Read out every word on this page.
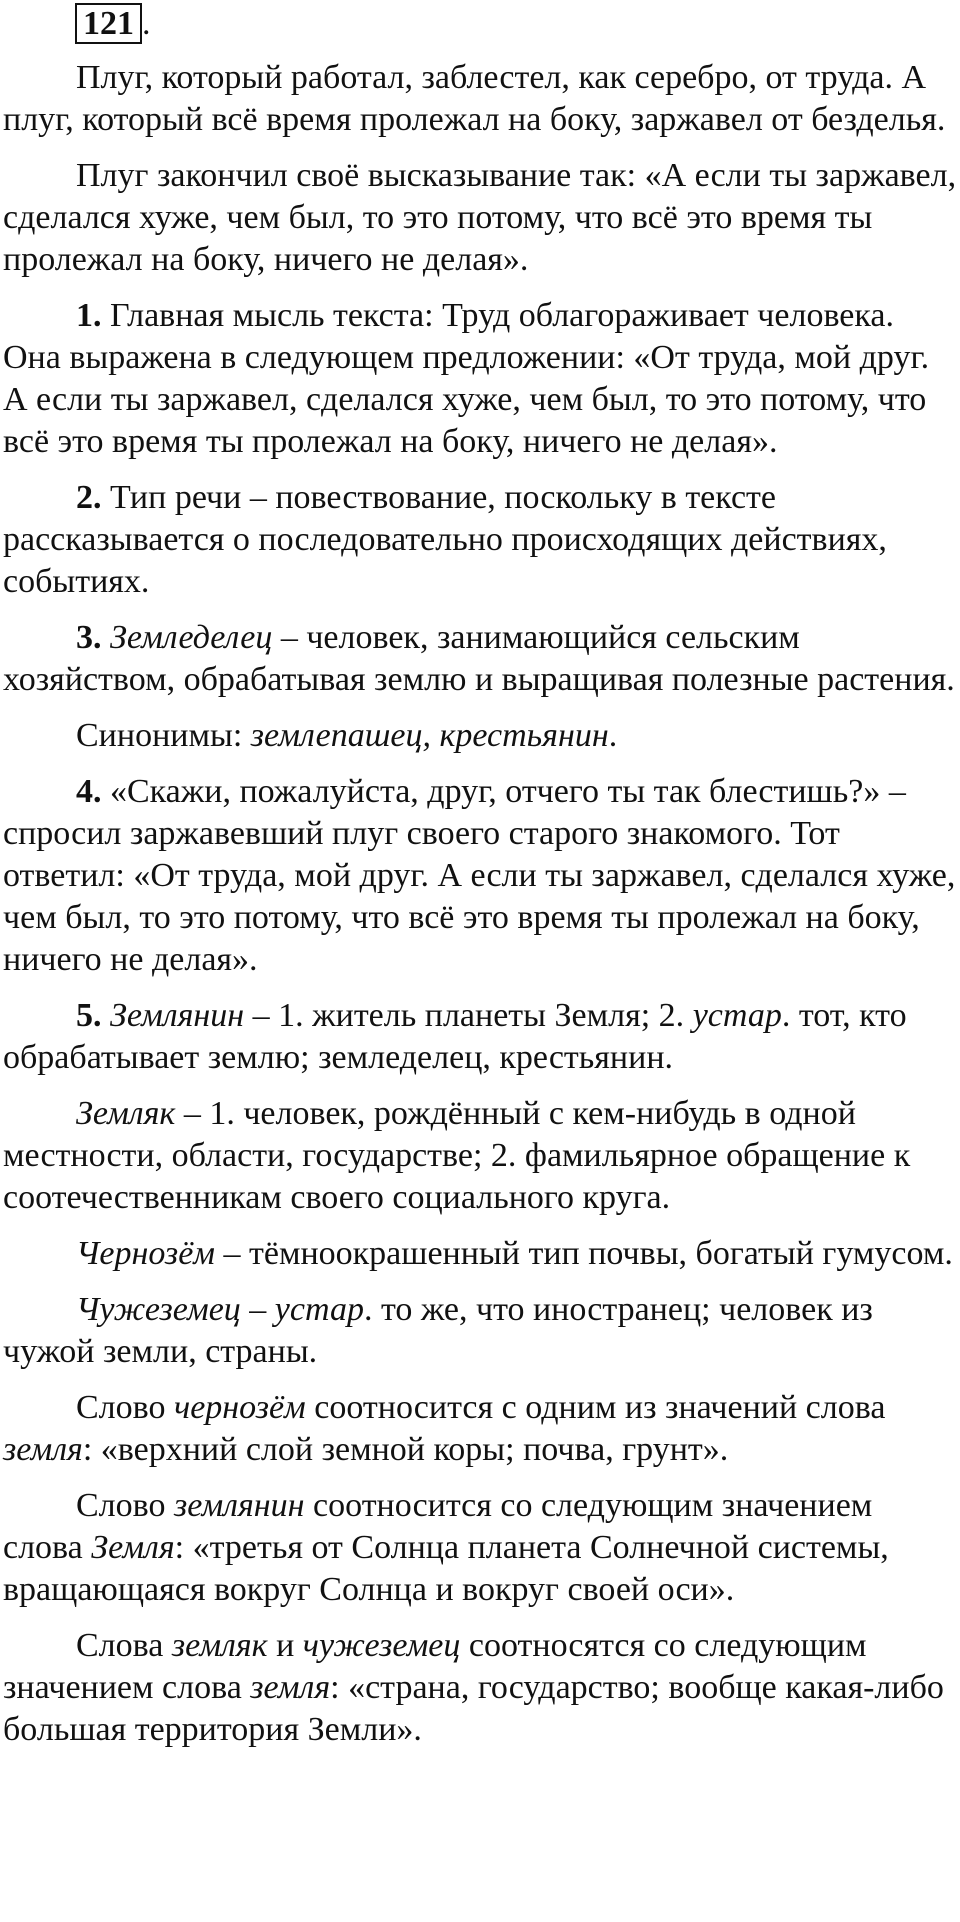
121 .

Плуг, который работал, заблестел, как серебро, от труда. А плуг, который всё время пролежал на боку, заржавел от безделья.

Плуг закончил своё высказывание так: «А если ты заржавел, сделался хуже, чем был, то это потому, что всё это время ты пролежал на боку, ничего не делая».

1. Главная мысль текста: Труд облагораживает человека. Она выражена в следующем предложении: «От труда, мой друг. А если ты заржавел, сделался хуже, чем был, то это потому, что всё это время ты пролежал на боку, ничего не делая».

2. Тип речи – повествование, поскольку в тексте рассказывается о последовательно происходящих действиях, событиях.

3. Земледелец – человек, занимающийся сельским хозяйством, обрабатывая землю и выращивая полезные растения.

Синонимы: землепашец, крестьянин.

4. «Скажи, пожалуйста, друг, отчего ты так блестишь?» – спросил заржавевший плуг своего старого знакомого. Тот ответил: «От труда, мой друг. А если ты заржавел, сделался хуже, чем был, то это потому, что всё это время ты пролежал на боку, ничего не делая».

5. Землянин – 1. житель планеты Земля; 2. устар. тот, кто обрабатывает землю; земледелец, крестьянин.

Земляк – 1. человек, рождённый с кем-нибудь в одной местности, области, государстве; 2. фамильярное обращение к соотечественникам своего социального круга.

Чернозём – тёмноокрашенный тип почвы, богатый гумусом.

Чужеземец – устар. то же, что иностранец; человек из чужой земли, страны.

Слово чернозём соотносится с одним из значений слова земля: «верхний слой земной коры; почва, грунт».

Слово землянин соотносится со следующим значением слова Земля: «третья от Солнца планета Солнечной системы, вращающаяся вокруг Солнца и вокруг своей оси».

Слова земляк и чужеземец соотносятся со следующим значением слова земля: «страна, государство; вообще какая-либо большая территория Земли».
